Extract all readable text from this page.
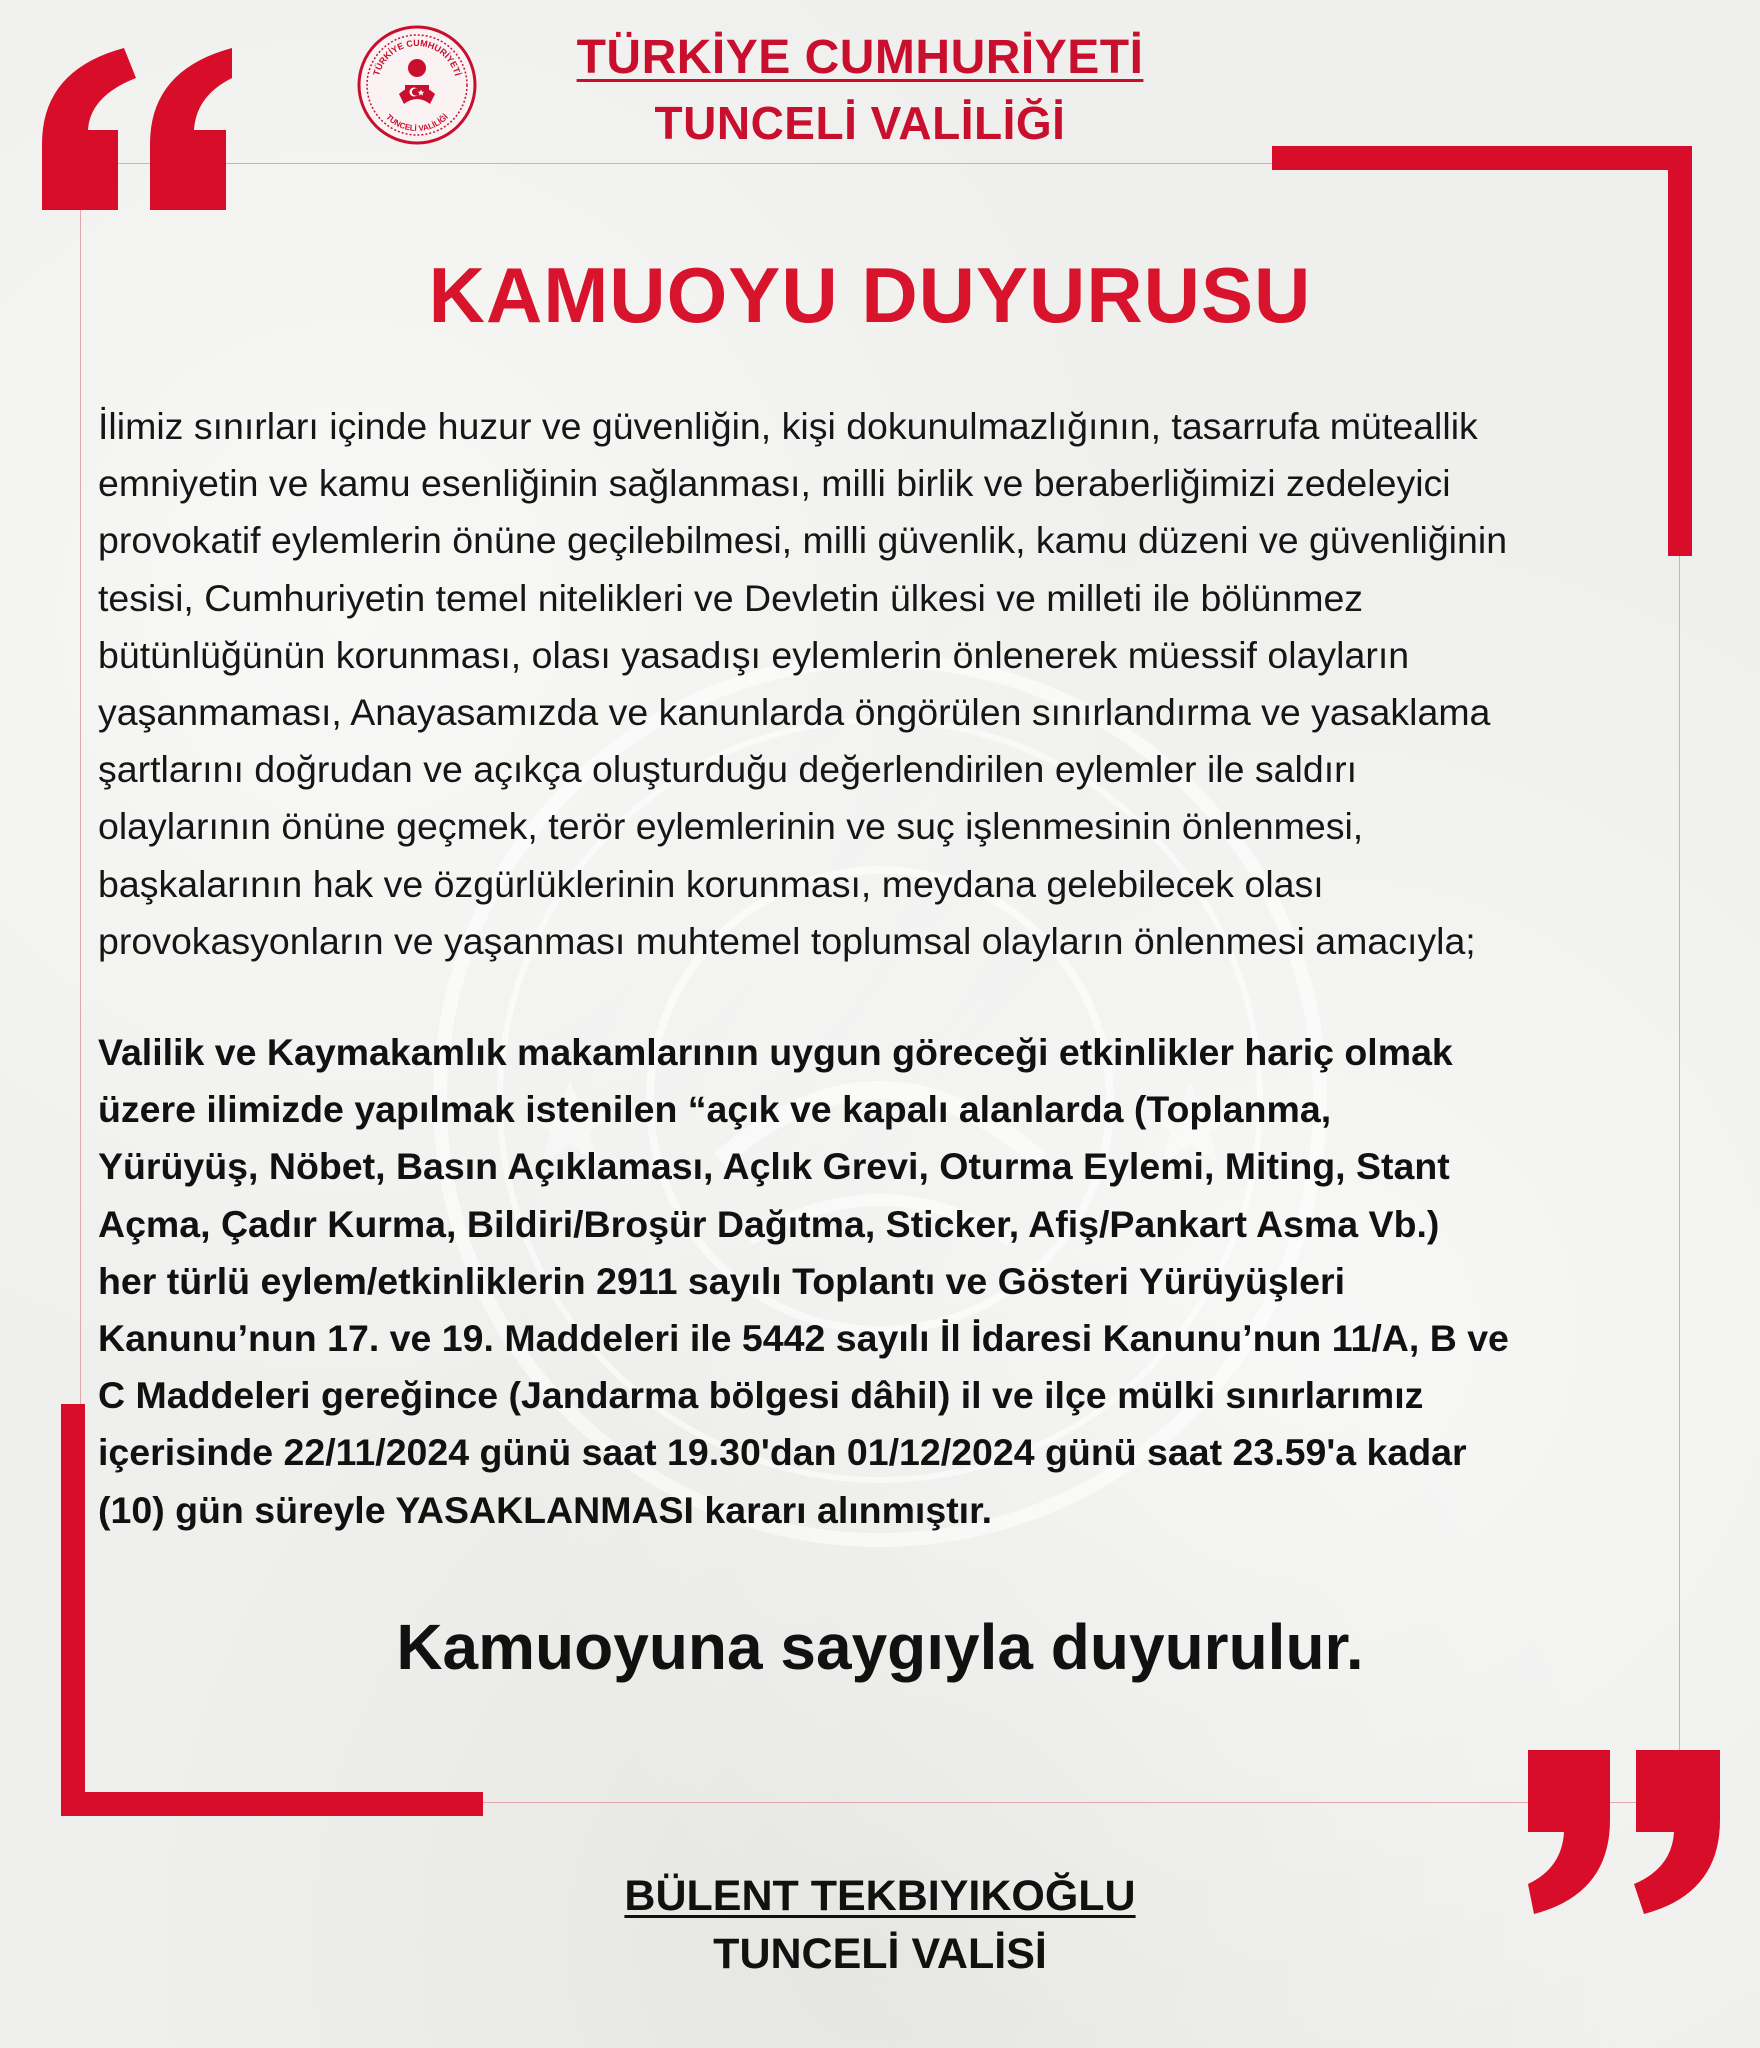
TÜRKİYE CUMHURİYETİ
TUNCELİ VALİLİĞİ
TÜRKİYE CUMHURİYETİ
TUNCELİ VALİLİĞİ
KAMUOYU DUYURUSU
İlimiz sınırları içinde huzur ve güvenliğin, kişi dokunulmazlığının, tasarrufa müteallik
emniyetin ve kamu esenliğinin sağlanması, milli birlik ve beraberliğimizi zedeleyici
provokatif eylemlerin önüne geçilebilmesi, milli güvenlik, kamu düzeni ve güvenliğinin
tesisi, Cumhuriyetin temel nitelikleri ve Devletin ülkesi ve milleti ile bölünmez
bütünlüğünün korunması, olası yasadışı eylemlerin önlenerek müessif olayların
yaşanmaması, Anayasamızda ve kanunlarda öngörülen sınırlandırma ve yasaklama
şartlarını doğrudan ve açıkça oluşturduğu değerlendirilen eylemler ile saldırı
olaylarının önüne geçmek, terör eylemlerinin ve suç işlenmesinin önlenmesi,
başkalarının hak ve özgürlüklerinin korunması, meydana gelebilecek olası
provokasyonların ve yaşanması muhtemel toplumsal olayların önlenmesi amacıyla;
Valilik ve Kaymakamlık makamlarının uygun göreceği etkinlikler hariç olmak
üzere ilimizde yapılmak istenilen “açık ve kapalı alanlarda (Toplanma,
Yürüyüş, Nöbet, Basın Açıklaması, Açlık Grevi, Oturma Eylemi, Miting, Stant
Açma, Çadır Kurma, Bildiri/Broşür Dağıtma, Sticker, Afiş/Pankart Asma Vb.)
her türlü eylem/etkinliklerin 2911 sayılı Toplantı ve Gösteri Yürüyüşleri
Kanunu’nun 17. ve 19. Maddeleri ile 5442 sayılı İl İdaresi Kanunu’nun 11/A, B ve
C Maddeleri gereğince (Jandarma bölgesi dâhil) il ve ilçe mülki sınırlarımız
içerisinde 22/11/2024 günü saat 19.30'dan 01/12/2024 günü saat 23.59'a kadar
(10) gün süreyle YASAKLANMASI kararı alınmıştır.
Kamuoyuna saygıyla duyurulur.
BÜLENT TEKBIYIKOĞLU
TUNCELİ VALİSİ
